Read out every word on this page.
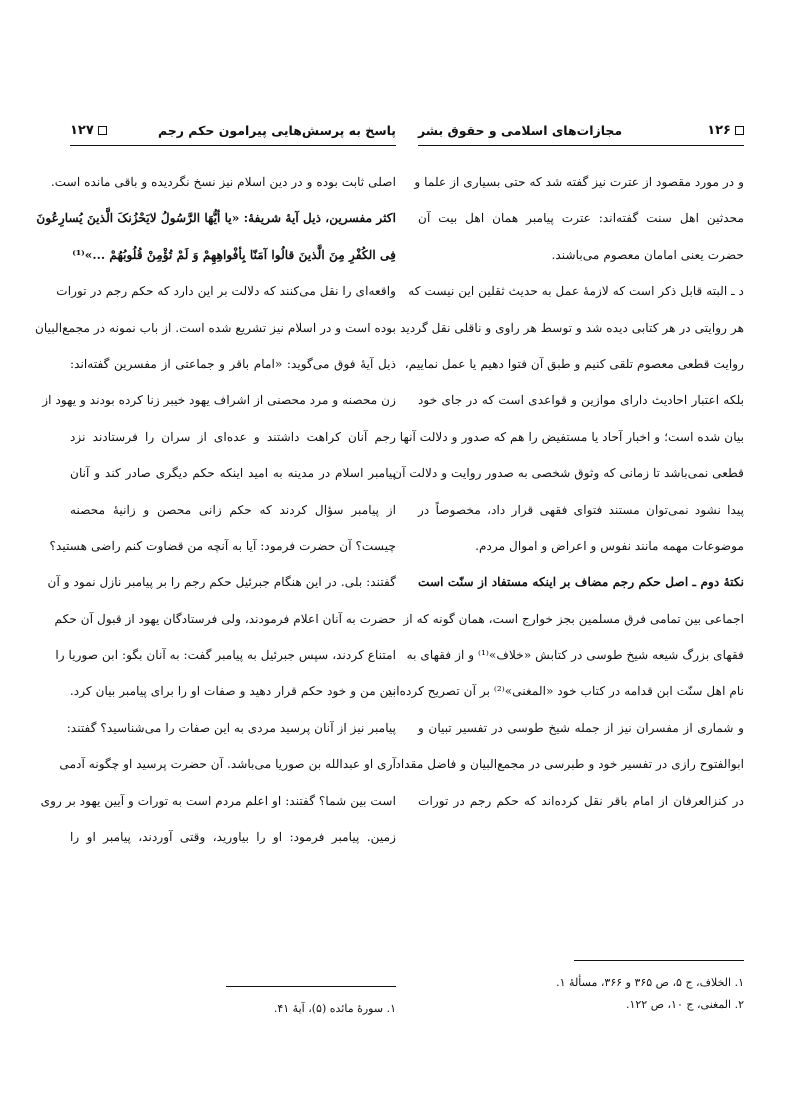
پاسخ به پرسش‌هایی پیرامون حکم رجم
۱۲۷
اصلی ثابت بوده و در دین اسلام نیز نسخ نگردیده و باقی مانده است.
اکثر مفسرین، ذیل آیهٔ شریفهٔ: «یا أیُّهَا الرَّسُولُ لایَحْزُنکَ الَّذینَ یُسارِعُونَ
فِی الکُفْرِ مِنَ الَّذینَ قالُوا آمَنّا بِأفْواهِهِمْ وَ لَمْ تُؤْمِنْ قُلُوبُهُمْ ...»⁽¹⁾
واقعه‌ای را نقل می‌کنند که دلالت بر این دارد که حکم رجم در تورات
بوده است و در اسلام نیز تشریع شده است. از باب نمونه در مجمع‌البیان
ذیل آیهٔ فوق می‌گوید: «امام باقر و جماعتی از مفسرین گفته‌اند:
زن محصنه و مرد محصنی از اشراف یهود خیبر زنا کرده بودند و یهود از
رجم آنان کراهت داشتند و عده‌ای از سران را فرستادند نزد
پیامبر اسلام در مدینه به امید اینکه حکم دیگری صادر کند و آنان
از پیامبر سؤال کردند که حکم زانی محصن و زانیهٔ محصنه
چیست؟ آن حضرت فرمود: آیا به آنچه من قضاوت کنم راضی هستید؟
گفتند: بلی. در این هنگام جبرئیل حکم رجم را بر پیامبر نازل نمود و آن
حضرت به آنان اعلام فرمودند، ولی فرستادگان یهود از قبول آن حکم
امتناع کردند، سپس جبرئیل به پیامبر گفت: به آنان بگو: ابن صوریا را
بین من و خود حکم قرار دهید و صفات او را برای پیامبر بیان کرد.
پیامبر نیز از آنان پرسید مردی به این صفات را می‌شناسید؟ گفتند:
آری او عبدالله بن صوریا می‌باشد. آن حضرت پرسید او چگونه آدمی
است بین شما؟ گفتند: او اعلم مردم است به تورات و آیین یهود بر روی
زمین. پیامبر فرمود: او را بیاورید، وقتی آوردند، پیامبر او را
۱. سورهٔ مائده (۵)، آیهٔ ۴۱.
۱۲۶
مجازات‌های اسلامی و حقوق بشر
و در مورد مقصود از عترت نیز گفته شد که حتی بسیاری از علما و
محدثین اهل سنت گفته‌اند: عترت پیامبر همان اهل بیت آن
حضرت یعنی امامان معصوم می‌باشند.
د ـ البته قابل ذکر است که لازمهٔ عمل به حدیث ثقلین این نیست که
هر روایتی در هر کتابی دیده شد و توسط هر راوی و ناقلی نقل گردید
روایت قطعی معصوم تلقی کنیم و طبق آن فتوا دهیم یا عمل نماییم،
بلکه اعتبار احادیث دارای موازین و قواعدی است که در جای خود
بیان شده است؛ و اخبار آحاد یا مستفیض را هم که صدور و دلالت آنها
قطعی نمی‌باشد تا زمانی که وثوق شخصی به صدور روایت و دلالت آن
پیدا نشود نمی‌توان مستند فتوای فقهی قرار داد، مخصوصاً در
موضوعات مهمه مانند نفوس و اعراض و اموال مردم.
نکتهٔ دوم ـ اصل حکم رجم مضاف بر اینکه مستفاد از سنّت است
اجماعی بین تمامی فرق مسلمین بجز خوارج است، همان گونه که از
فقهای بزرگ شیعه شیخ طوسی در کتابش «خلاف»⁽¹⁾ و از فقهای به
نام اهل سنّت ابن قدامه در کتاب خود «المغنی»⁽²⁾ بر آن تصریح کرده‌اند
و شماری از مفسران نیز از جمله شیخ طوسی در تفسیر تبیان و
ابوالفتوح رازی در تفسیر خود و طبرسی در مجمع‌البیان و فاضل مقداد
در کنزالعرفان از امام باقر نقل کرده‌اند که حکم رجم در تورات
۱. الخلاف، ج ۵، ص ۳۶۵ و ۳۶۶، مسألهٔ ۱.
۲. المغنی، ج ۱۰، ص ۱۲۲.
